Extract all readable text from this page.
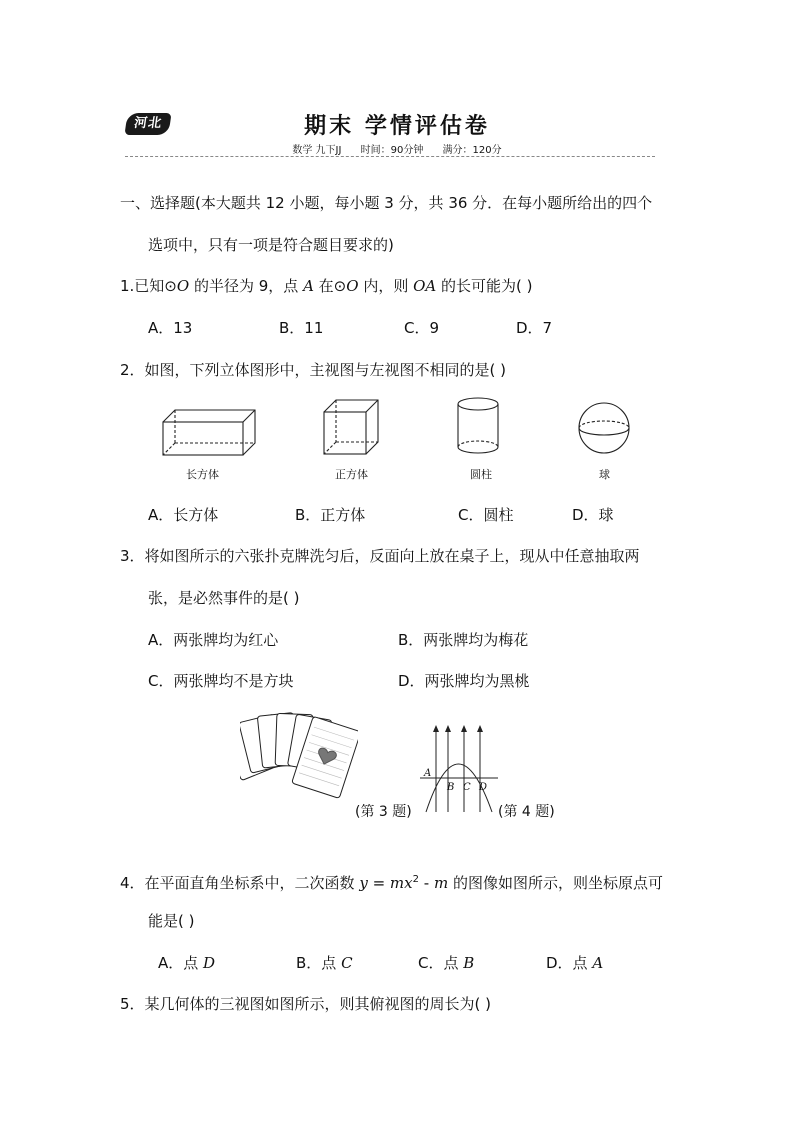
河北	期末 学情评估卷
数学 九下JJ 时间：90分钟 满分：120分
一、选择题(本大题共 12 小题，每小题 3 分，共 36 分．在每小题所给出的四个
选项中，只有一项是符合题目要求的)
1.已知⊙O 的半径为 9，点 A 在⊙O 内，则 OA 的长可能为( )
A．13	B．11	C．9	D．7
2．如图，下列立体图形中，主视图与左视图不相同的是( )
长方体	正方体	圆柱	球
A．长方体	B．正方体	C．圆柱	D．球
3．将如图所示的六张扑克牌洗匀后，反面向上放在桌子上，现从中任意抽取两
张，是必然事件的是( )
A．两张牌均为红心	B．两张牌均为梅花
C．两张牌均不是方块	D．两张牌均为黑桃
(第 3 题)
A
B C D
(第 4 题)
4．在平面直角坐标系中，二次函数 $y = mx^2 - m$ 的图像如图所示，则坐标原点可
能是( )
A．点 D	B．点 C	C．点 B	D．点 A
5．某几何体的三视图如图所示，则其俯视图的周长为( )
